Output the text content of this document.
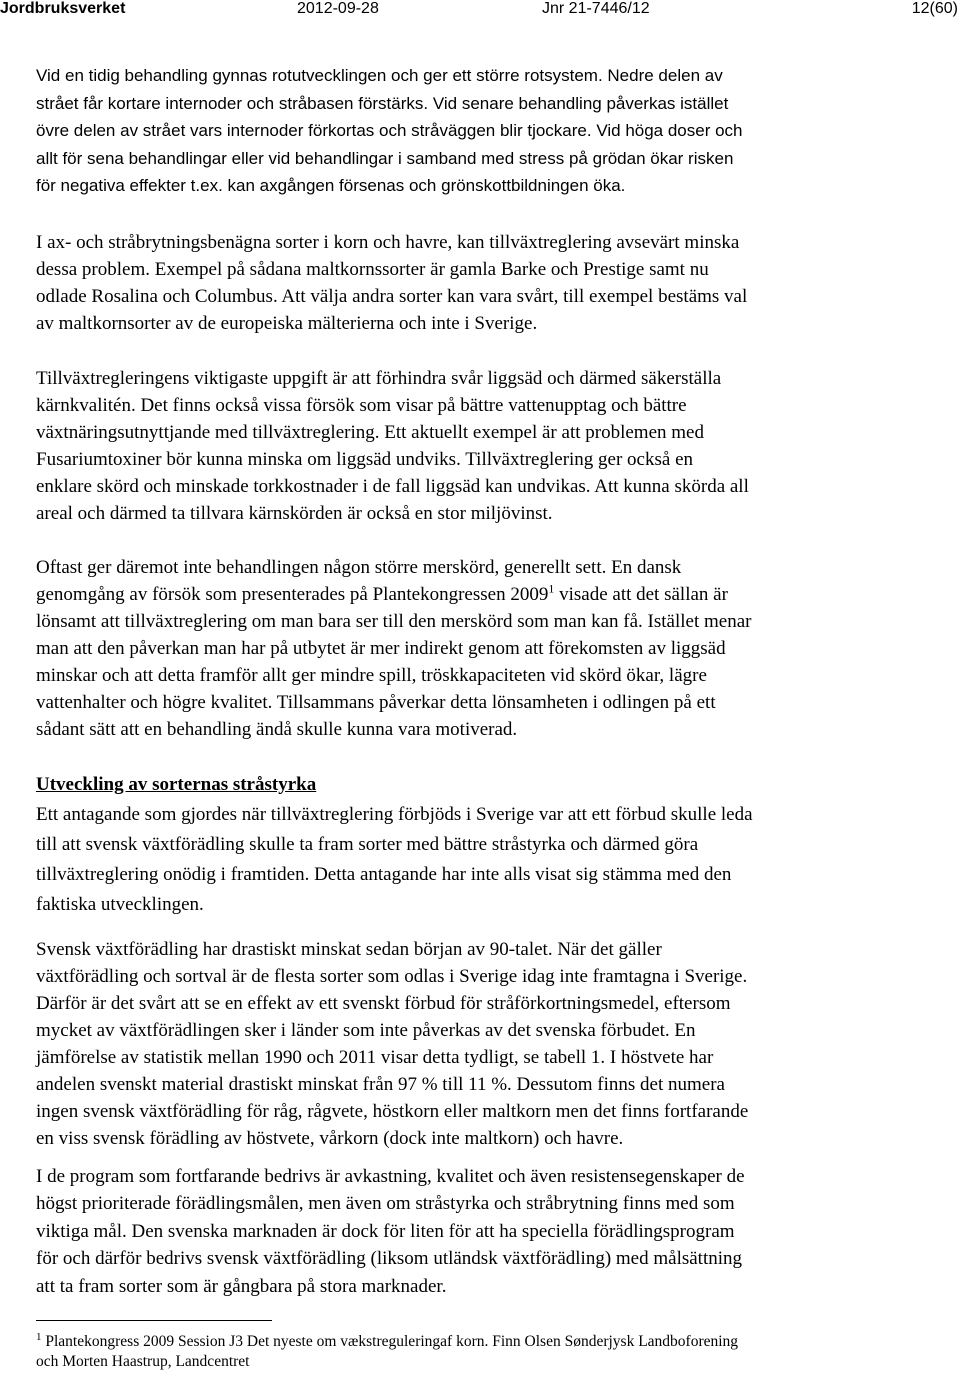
Jordbruksverket	2012-09-28	Jnr 21-7446/12	12(60)

Vid en tidig behandling gynnas rotutvecklingen och ger ett större rotsystem. Nedre delen av
strået får kortare internoder och stråbasen förstärks. Vid senare behandling påverkas istället
övre delen av strået vars internoder förkortas och stråväggen blir tjockare. Vid höga doser och
allt för sena behandlingar eller vid behandlingar i samband med stress på grödan ökar risken
för negativa effekter t.ex. kan axgången försenas och grönskottbildningen öka.

I ax- och stråbrytningsbenägna sorter i korn och havre, kan tillväxtreglering avsevärt minska
dessa problem. Exempel på sådana maltkornssorter är gamla Barke och Prestige samt nu
odlade Rosalina och Columbus. Att välja andra sorter kan vara svårt, till exempel bestäms val
av maltkornsorter av de europeiska mälterierna och inte i Sverige.

Tillväxtregleringens viktigaste uppgift är att förhindra svår liggsäd och därmed säkerställa
kärnkvalitén. Det finns också vissa försök som visar på bättre vattenupptag och bättre
växtnäringsutnyttjande med tillväxtreglering. Ett aktuellt exempel är att problemen med
Fusariumtoxiner bör kunna minska om liggsäd undviks. Tillväxtreglering ger också en
enklare skörd och minskade torkkostnader i de fall liggsäd kan undvikas. Att kunna skörda all
areal och därmed ta tillvara kärnskörden är också en stor miljövinst.

Oftast ger däremot inte behandlingen någon större merskörd, generellt sett. En dansk
genomgång av försök som presenterades på Plantekongressen 2009$^1$ visade att det sällan är
lönsamt att tillväxtreglering om man bara ser till den merskörd som man kan få. Istället menar
man att den påverkan man har på utbytet är mer indirekt genom att förekomsten av liggsäd
minskar och att detta framför allt ger mindre spill, tröskkapaciteten vid skörd ökar, lägre
vattenhalter och högre kvalitet. Tillsammans påverkar detta lönsamheten i odlingen på ett
sådant sätt att en behandling ändå skulle kunna vara motiverad.

Utveckling av sorternas stråstyrka
Ett antagande som gjordes när tillväxtreglering förbjöds i Sverige var att ett förbud skulle leda
till att svensk växtförädling skulle ta fram sorter med bättre stråstyrka och därmed göra
tillväxtreglering onödig i framtiden. Detta antagande har inte alls visat sig stämma med den
faktiska utvecklingen.

Svensk växtförädling har drastiskt minskat sedan början av 90-talet. När det gäller
växtförädling och sortval är de flesta sorter som odlas i Sverige idag inte framtagna i Sverige.
Därför är det svårt att se en effekt av ett svenskt förbud för stråförkortningsmedel, eftersom
mycket av växtförädlingen sker i länder som inte påverkas av det svenska förbudet. En
jämförelse av statistik mellan 1990 och 2011 visar detta tydligt, se tabell 1. I höstvete har
andelen svenskt material drastiskt minskat från 97 % till 11 %. Dessutom finns det numera
ingen svensk växtförädling för råg, rågvete, höstkorn eller maltkorn men det finns fortfarande
en viss svensk förädling av höstvete, vårkorn (dock inte maltkorn) och havre.

I de program som fortfarande bedrivs är avkastning, kvalitet och även resistensegenskaper de
högst prioriterade förädlingsmålen, men även om stråstyrka och stråbrytning finns med som
viktiga mål. Den svenska marknaden är dock för liten för att ha speciella förädlingsprogram
för och därför bedrivs svensk växtförädling (liksom utländsk växtförädling) med målsättning
att ta fram sorter som är gångbara på stora marknader.

$^1$ Plantekongress 2009 Session J3 Det nyeste om vækstreguleringaf korn. Finn Olsen Sønderjysk Landboforening
och Morten Haastrup, Landcentret
